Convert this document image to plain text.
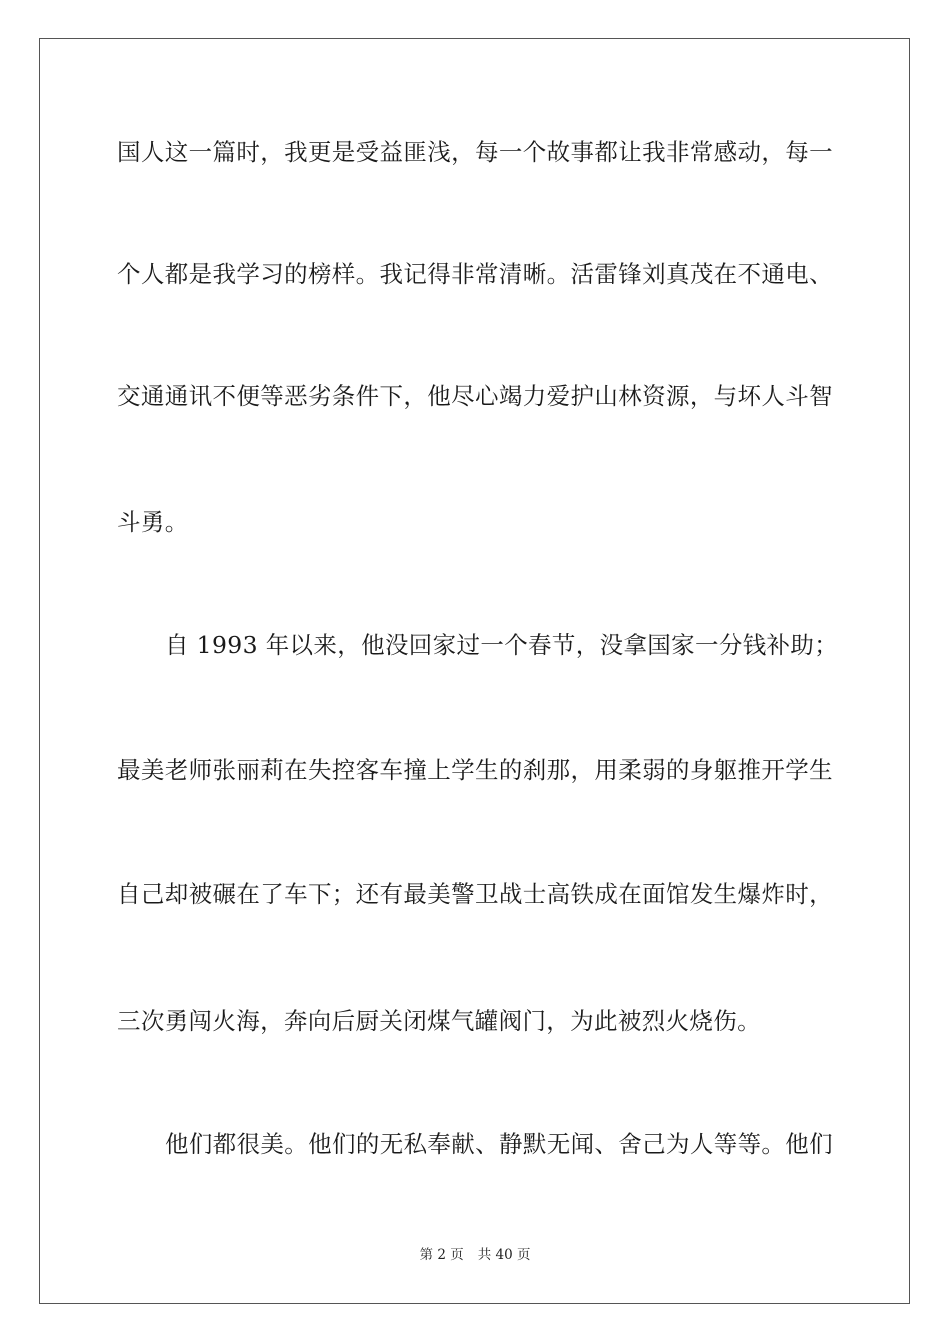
国人这一篇时，我更是受益匪浅，每一个故事都让我非常感动，每一
个人都是我学习的榜样。我记得非常清晰。活雷锋刘真茂在不通电、
交通通讯不便等恶劣条件下，他尽心竭力爱护山林资源，与坏人斗智
斗勇。
自 1993 年以来，他没回家过一个春节，没拿国家一分钱补助；
最美老师张丽莉在失控客车撞上学生的刹那，用柔弱的身躯推开学生
自己却被碾在了车下；还有最美警卫战士高铁成在面馆发生爆炸时，
三次勇闯火海，奔向后厨关闭煤气罐阀门，为此被烈火烧伤。
他们都很美。他们的无私奉献、静默无闻、舍己为人等等。他们
第 2 页 共 40 页
